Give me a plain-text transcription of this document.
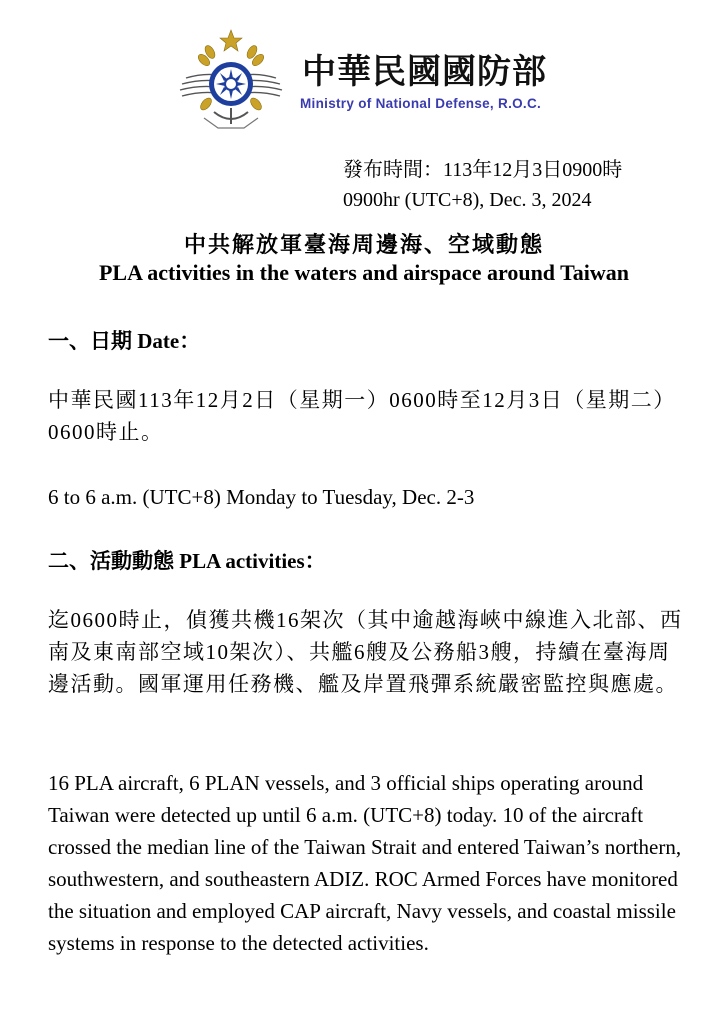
中華民國國防部
Ministry of National Defense, R.O.C.
發布時間：113年12月3日0900時
0900hr (UTC+8), Dec. 3, 2024
中共解放軍臺海周邊海、空域動態
PLA activities in the waters and airspace around Taiwan
一、日期 Date：
中華民國113年12月2日（星期一）0600時至12月3日（星期二）0600時止。
6 to 6 a.m. (UTC+8) Monday to Tuesday, Dec. 2-3
二、活動動態 PLA activities：
迄0600時止，偵獲共機16架次（其中逾越海峽中線進入北部、西南及東南部空域10架次）、共艦6艘及公務船3艘，持續在臺海周邊活動。國軍運用任務機、艦及岸置飛彈系統嚴密監控與應處。
16 PLA aircraft, 6 PLAN vessels, and 3 official ships operating around Taiwan were detected up until 6 a.m. (UTC+8) today. 10 of the aircraft crossed the median line of the Taiwan Strait and entered Taiwan’s northern, southwestern, and southeastern ADIZ. ROC Armed Forces have monitored the situation and employed CAP aircraft, Navy vessels, and coastal missile systems in response to the detected activities.
